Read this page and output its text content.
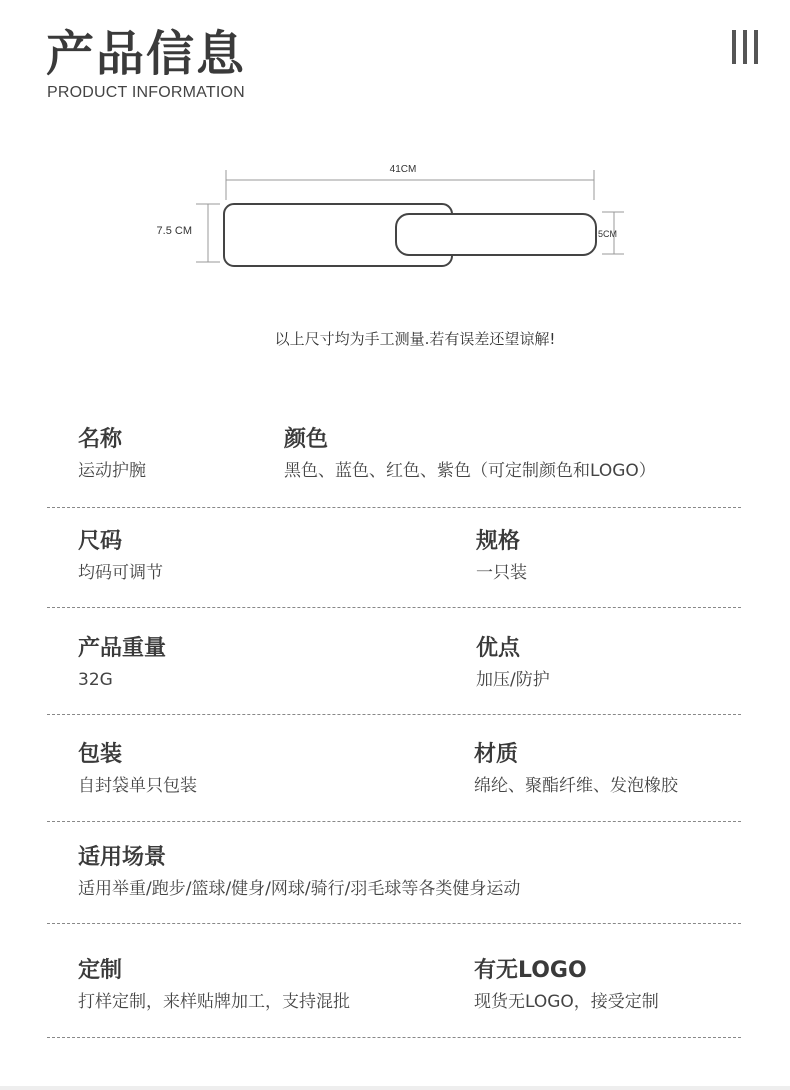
产品信息
PRODUCT INFORMATION
41CM
7.5 CM	5CM
以上尺寸均为手工测量.若有误差还望谅解!
名称
运动护腕
颜色
黑色、蓝色、红色、紫色（可定制颜色和LOGO）
尺码
均码可调节
规格
一只装
产品重量
32G
优点
加压/防护
包装
自封袋单只包装
材质
绵纶、聚酯纤维、发泡橡胶
适用场景
适用举重/跑步/篮球/健身/网球/骑行/羽毛球等各类健身运动
定制
打样定制，来样贴牌加工，支持混批
有无LOGO
现货无LOGO，接受定制
